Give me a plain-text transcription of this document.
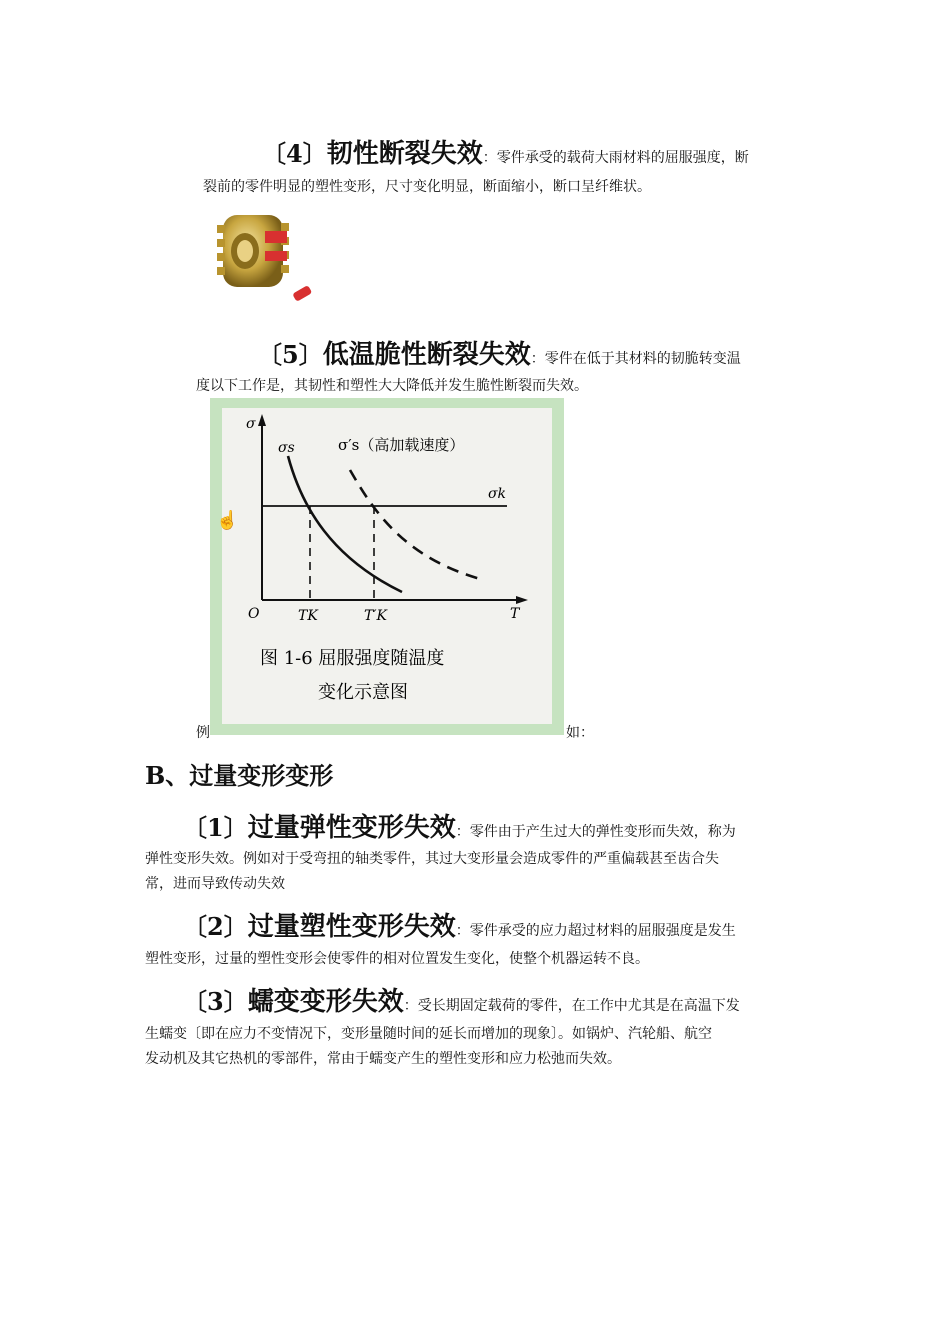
〔4〕韧性断裂失效：零件承受的载荷大雨材料的屈服强度，断
裂前的零件明显的塑性变形，尺寸变化明显，断面缩小，断口呈纤维状。
〔5〕低温脆性断裂失效：零件在低于其材料的韧脆转变温
度以下工作是，其韧性和塑性大大降低并发生脆性断裂而失效。
σ
σs	σ′s（高加载速度）
σk
O	TK	T′K	T
图 1-6 屈服强度随温度
变化示意图
☝
例	如：
B、过量变形变形
〔1〕过量弹性变形失效：零件由于产生过大的弹性变形而失效，称为
弹性变形失效。例如对于受弯扭的轴类零件，其过大变形量会造成零件的严重偏载甚至齿合失
常，进而导致传动失效
〔2〕过量塑性变形失效：零件承受的应力超过材料的屈服强度是发生
塑性变形，过量的塑性变形会使零件的相对位置发生变化，使整个机器运转不良。
〔3〕蠕变变形失效：受长期固定载荷的零件，在工作中尤其是在高温下发
生蠕变〔即在应力不变情况下，变形量随时间的延长而增加的现象〕。如锅炉、汽轮船、航空
发动机及其它热机的零部件，常由于蠕变产生的塑性变形和应力松弛而失效。
